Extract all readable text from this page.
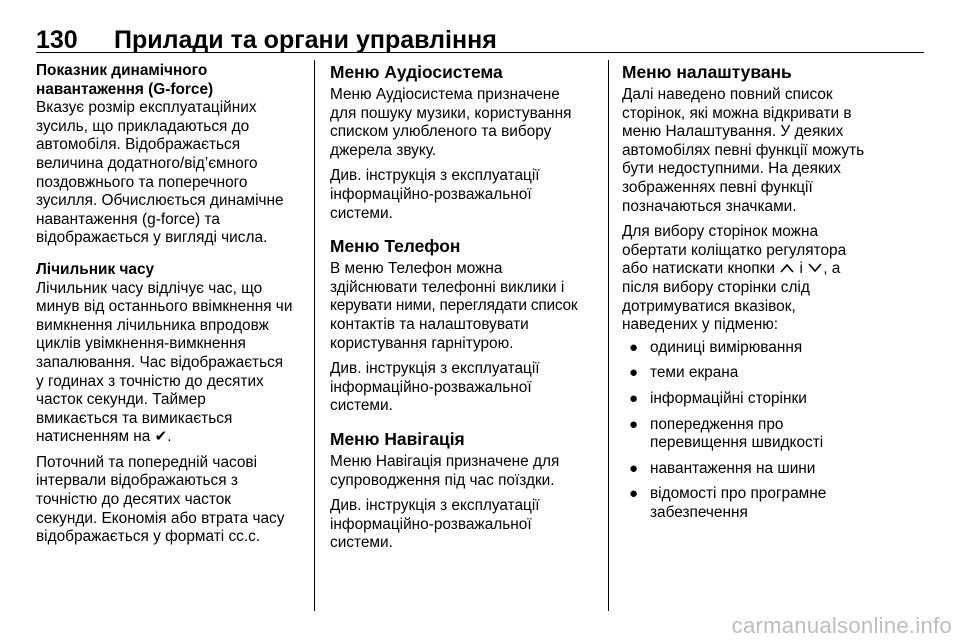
130 Прилади та органи управління
Показник динамічного
навантаження (G-force)

Вказує розмір експлуатаційних
зусиль, що прикладаються до
автомобіля. Відображається
величина додатного/від’ємного
поздовжнього та поперечного
зусилля. Обчислюється динамічне
навантаження (g-force) та
відображається у вигляді числа.

Лічильник часу

Лічильник часу відлічує час, що
минув від останнього ввімкнення чи
вимкнення лічильника впродовж
циклів увімкнення-вимкнення
запалювання. Час відображається
у годинах з точністю до десятих
часток секунди. Таймер
вмикається та вимикається
натисненням на ✔.

Поточний та попередній часові
інтервали відображаються з
точністю до десятих часток
секунди. Економія або втрата часу
відображається у форматі сс.с.

Меню Аудіосистема

Меню Аудіосистема призначене
для пошуку музики, користування
списком улюбленого та вибору
джерела звуку.

Див. інструкція з експлуатації
інформаційно-розважальної
системи.

Меню Телефон

В меню Телефон можна
здійснювати телефонні виклики і
керувати ними, переглядати список
контактів та налаштовувати
користування гарнітурою.

Див. інструкція з експлуатації
інформаційно-розважальної
системи.

Меню Навігація

Меню Навігація призначене для
супроводження під час поїздки.

Див. інструкція з експлуатації
інформаційно-розважальної
системи.

Меню налаштувань

Далі наведено повний список
сторінок, які можна відкривати в
меню Налаштування. У деяких
автомобілях певні функції можуть
бути недоступними. На деяких
зображеннях певні функції
позначаються значками.

Для вибору сторінок можна
обертати коліщатко регулятора
або натискати кнопки і , а
після вибору сторінки слід
дотримуватися вказівок,
наведених у підменю:

● одиниці вимірювання
● теми екрана
● інформаційні сторінки
● попередження про
перевищення швидкості
● навантаження на шини
● відомості про програмне
забезпечення
carmanualsonline.info
